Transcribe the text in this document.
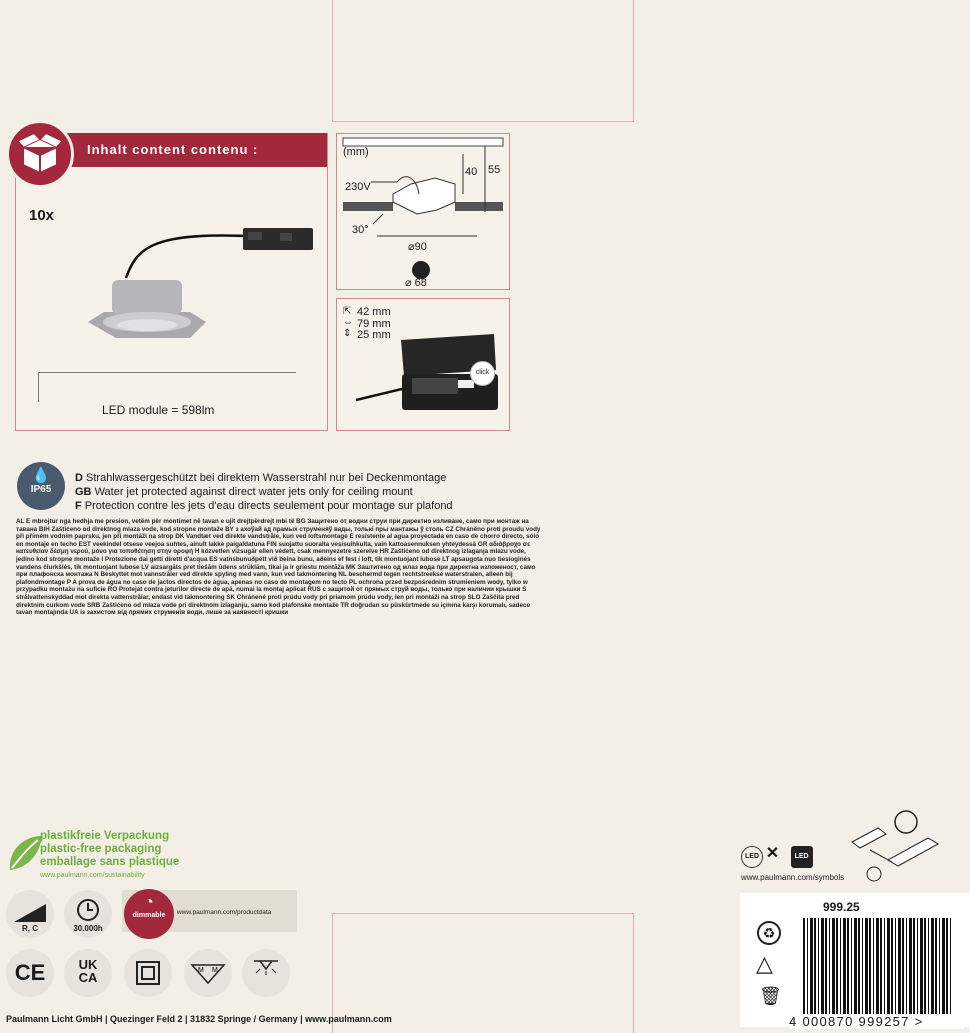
Inhalt content contenu :
10x
LED module = 598lm
(mm)
230V
40 55
30°
⌀90
⌀ 68
42 mm
79 mm
25 mm
⇱
⇔
⇕
click
💧
IP65
D Strahlwassergeschützt bei direktem Wasserstrahl nur bei Deckenmontage
GB Water jet protected against direct water jets only for ceiling mount
F Protection contre les jets d'eau directs seulement pour montage sur plafond
AL E mbrojtur nga hedhja me presion, vetëm për montimet në tavan e ujit drejtpërdrejt mbi të BG Защитено от водни струи при директно изливане, само при монтаж на тавана BIH Zaštićeno od direktnog mlaza vode, kod stropne montaže BY з ахоўай ад прамых струменяў вады, толькі пры мантажы ў столь CZ Chráněno proti proudu vody při přímém vodním paprsku, jen při montáži na strop DK Vandtæt ved direkte vandstråle, kun ved loftsmontage E resistente al agua proyectada en caso de chorro directo, sólo en montaje en techo EST veekindel otsese veejoa suhtes, ainult lakke paigaldatuna FIN suojattu suoralta vesisuihkulta, vain kattoasennuksen yhteydessä GR αδιάβροχο σε κατευθείαν δέσμη νερού, μόνο για τοποθέτηση στην οροφή H közvetlen vízsugár ellen védett, csak mennyezetre szerelve HR Zaštićeno od direktnog izlaganja mlazu vode, jedino kod stropne montaže I Protezione dai getti diretti d'acqua ES vatnsbunuðpétt við beina bunu, aðeins ef fest í loft, tik montuojant lubose LT apsaugota nuo tiesioginės vandens čiurkšlės, tik montuojant lubose LV aizsargāts pret tiešām ūdens strūklām, tikai ja ir griestu montāža MK Заштитено од млаз вода при директна изложеност, само при плафонска монтажа N Beskyttet mot vannstråler ved direkte spyling med vann, kun ved takmontering NL beschermd tegen rechtstreekse waterstralen, alleen bij plafondmontage P A prova de água no caso de jactos directos de água, apenas no caso de montagem no tecto PL ochrona przed bezpośrednim strumieniem wody, tylko w przypadku montażu na suficie RO Protejat contra jeturilor directe de apă, numai la montaj aplicat RUS с защитой от прямых струй воды, только при наличии крышки S strålvattenskyddad mot direkta vattenstrålar, endast vid takmontering SK Chránené proti prúdu vody pri priamom prúdu vody, len pri montáži na strop SLO Zaščita pred direktnim curkom vode SRB Zaštićeno od mlaza vode pri direktnom izlaganju, samo kod plafonske montaže TR doğrudan su püskürtmede su içmına karşı korumalı, sadece tavan montajında UA із захистом від прямих струменів води, лише за наявності кришки
plastikfreie Verpackung
plastic-free packaging
emballage sans plastique
www.paulmann.com/sustainability
R, C	30.000h
◔
dimmable	www.paulmann.com/productdata
CE	UK
CA	M M
LED ✕ LED
www.paulmann.com/symbols
999.25
♻
△
🗑
4 000870 999257 >
Paulmann Licht GmbH | Quezinger Feld 2 | 31832 Springe / Germany | www.paulmann.com
